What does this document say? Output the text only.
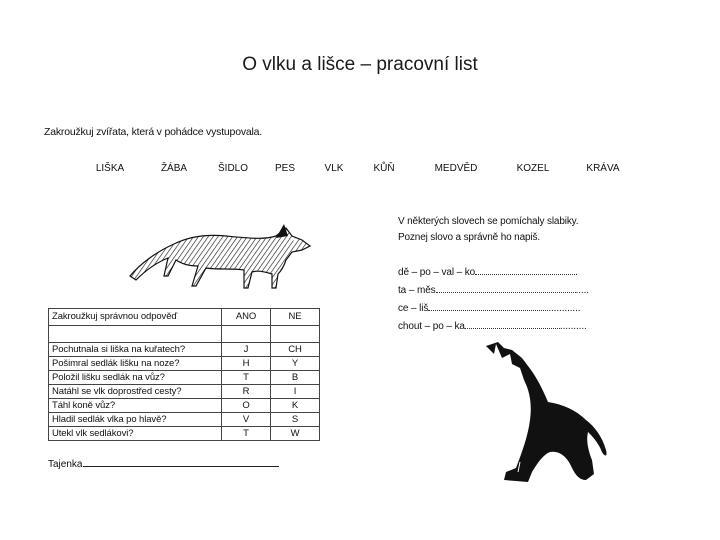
O vlku a lišce – pracovní list
Zakroužkuj zvířata, která v pohádce vystupovala.
LIŠKA	ŽÁBA	ŠIDLO	PES	VLK	KŮŇ	MEDVĚD	KOZEL	KRÁVA
V některých slovech se pomíchaly slabiky.
Poznej slovo a správně ho napiš.
dě – po – val – ko	.
ta – měs	.....
ce – liš	............
chout – po – ka	..........
Zakroužkuj správnou odpověď	ANO	NE

Pochutnala si liška na kuřatech?	J	CH
Pošimral sedlák lišku na noze?	H	Y
Položil lišku sedlák na vůz?	T	B
Natáhl se vlk doprostřed cesty?	R	I
Táhl koně vůz?	O	K
Hladil sedlák vlka po hlavě?	V	S
Utekl vlk sedlákovi?	T	W
Tajenka
